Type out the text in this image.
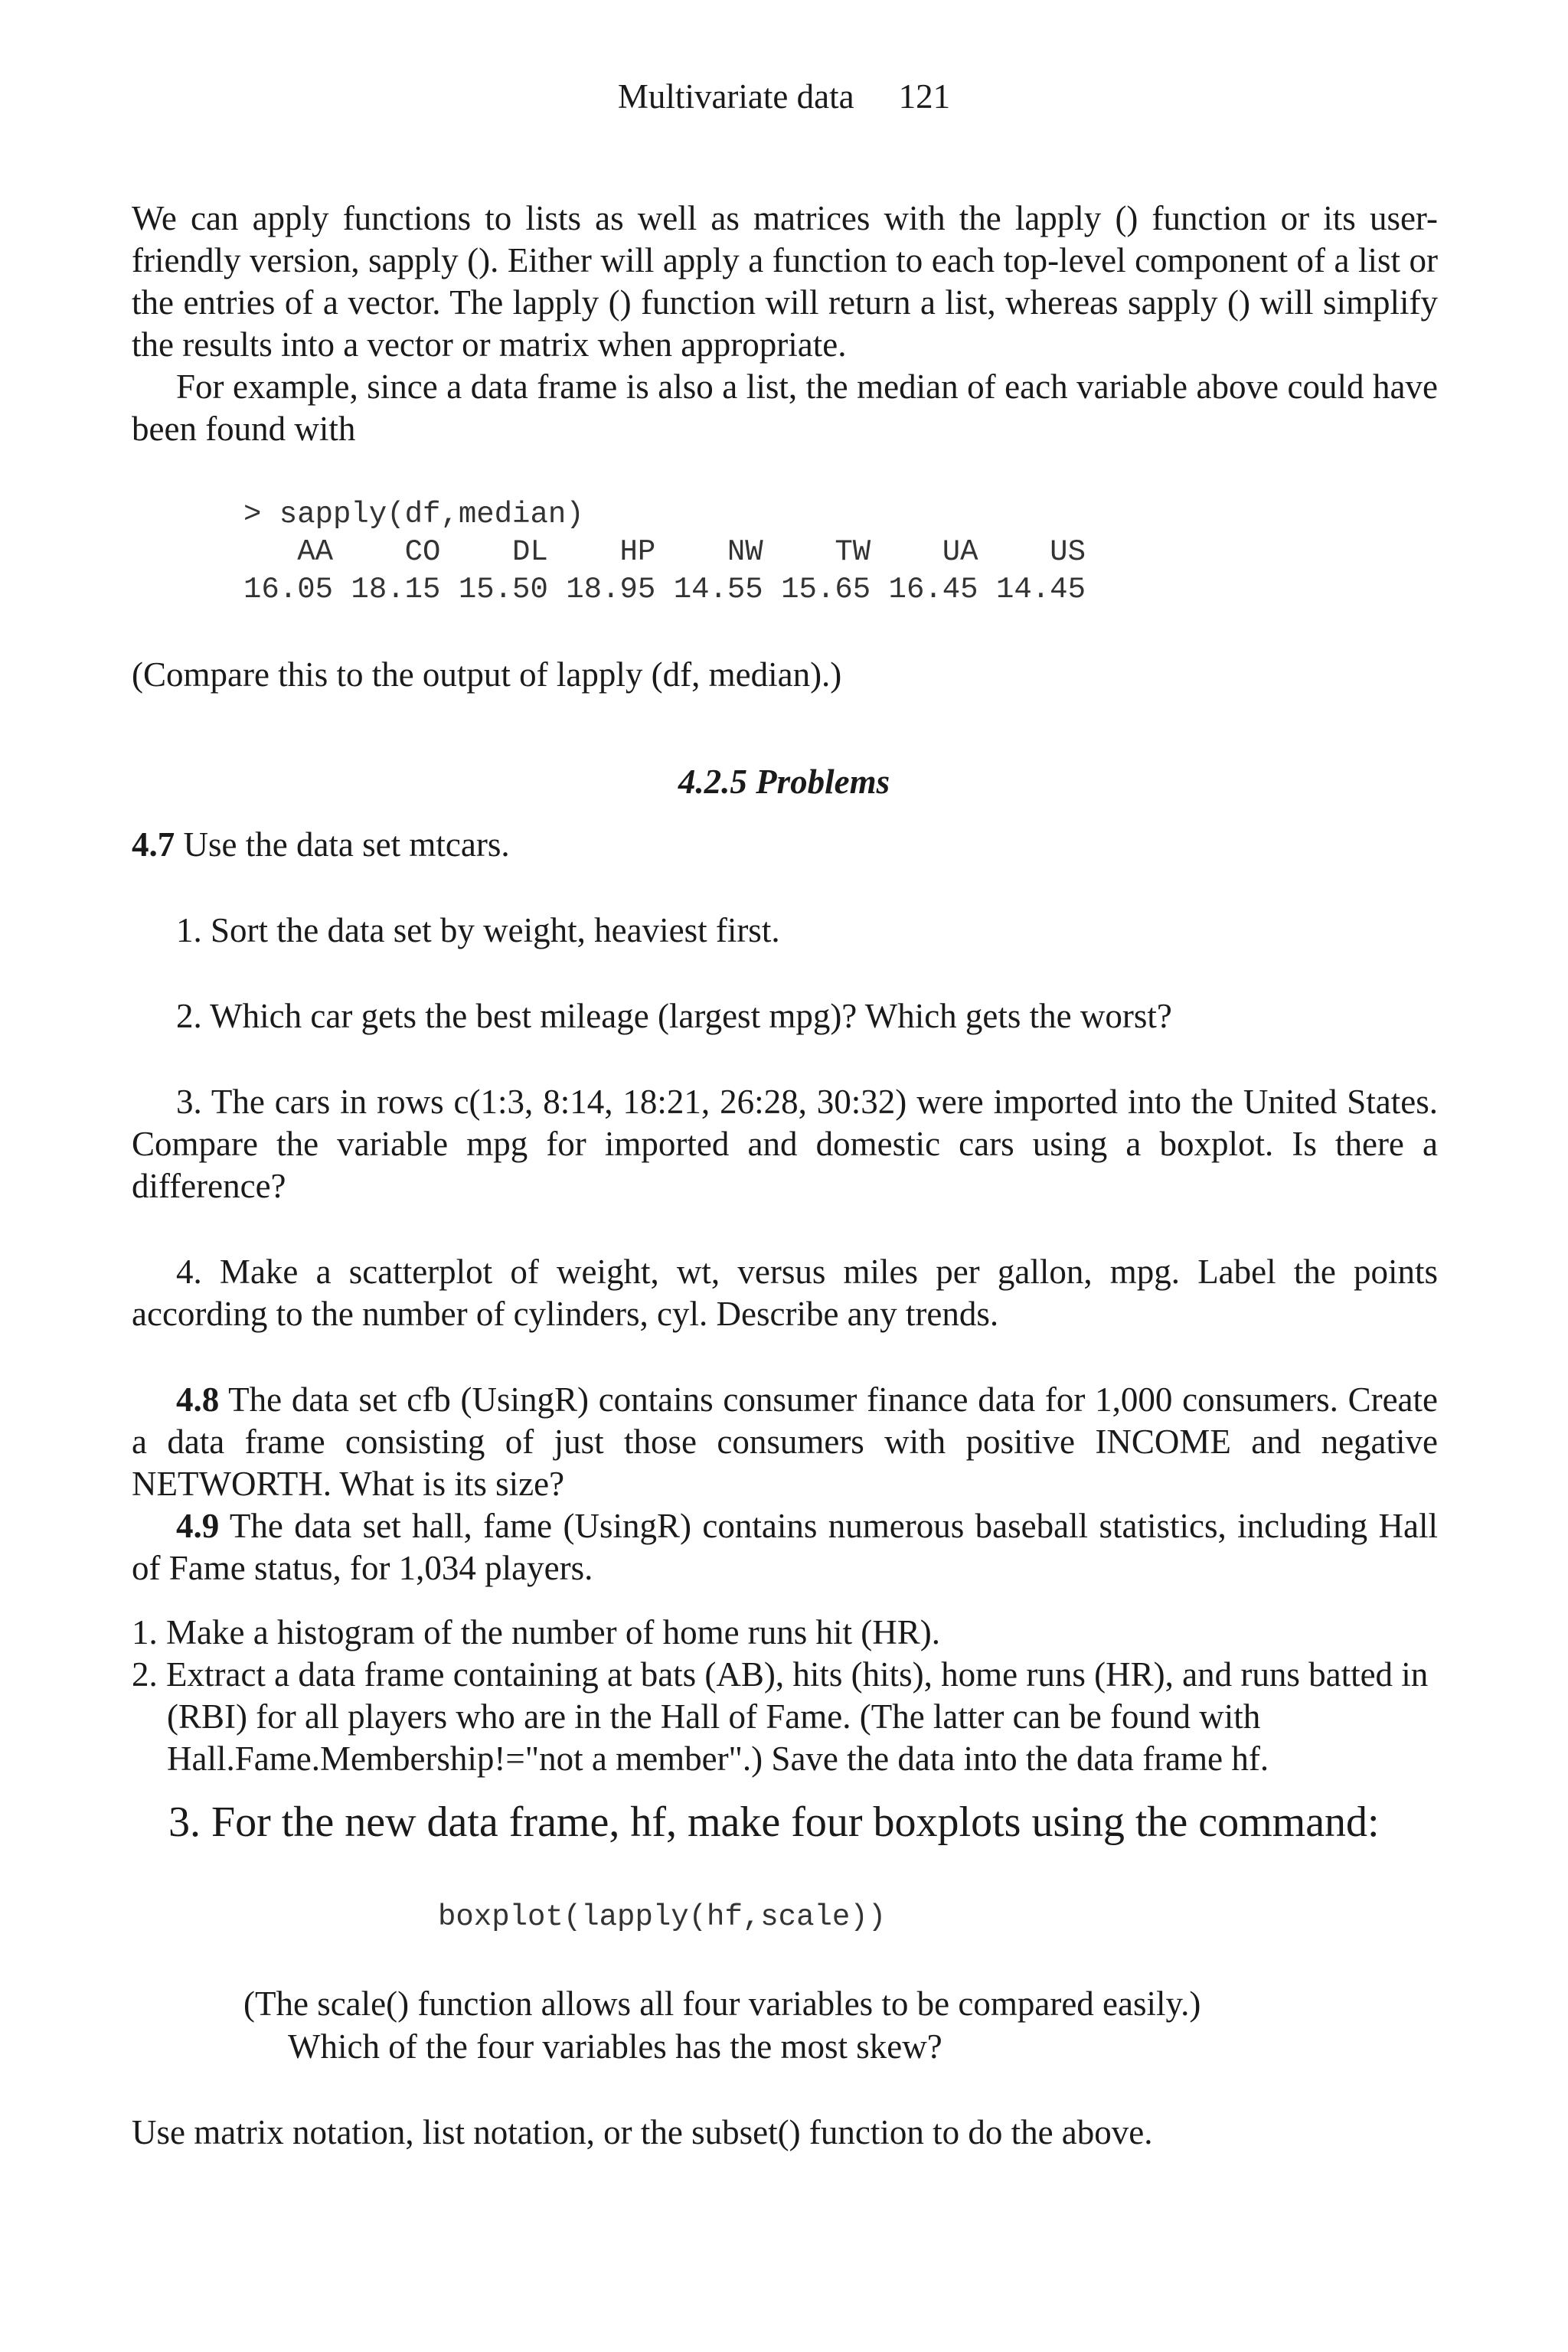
Multivariate data 121

We can apply functions to lists as well as matrices with the lapply () function or its user-friendly version, sapply (). Either will apply a function to each top-level component of a list or the entries of a vector. The lapply () function will return a list, whereas sapply () will simplify the results into a vector or matrix when appropriate.

For example, since a data frame is also a list, the median of each variable above could have been found with

> sapply(df,median)
AA    CO    DL    HP    NW    TW    UA    US
16.05 18.15 15.50 18.95 14.55 15.65 16.45 14.45

(Compare this to the output of lapply (df, median).)

4.2.5 Problems

4.7 Use the data set mtcars.

1. Sort the data set by weight, heaviest first.

2. Which car gets the best mileage (largest mpg)? Which gets the worst?

3. The cars in rows c(1:3, 8:14, 18:21, 26:28, 30:32) were imported into the United States. Compare the variable mpg for imported and domestic cars using a boxplot. Is there a difference?

4. Make a scatterplot of weight, wt, versus miles per gallon, mpg. Label the points according to the number of cylinders, cyl. Describe any trends.

4.8 The data set cfb (UsingR) contains consumer finance data for 1,000 consumers. Create a data frame consisting of just those consumers with positive INCOME and negative NETWORTH. What is its size?

4.9 The data set hall, fame (UsingR) contains numerous baseball statistics, including Hall of Fame status, for 1,034 players.

1. Make a histogram of the number of home runs hit (HR).

2. Extract a data frame containing at bats (AB), hits (hits), home runs (HR), and runs batted in (RBI) for all players who are in the Hall of Fame. (The latter can be found with Hall.Fame.Membership!="not a member".) Save the data into the data frame hf.

3. For the new data frame, hf, make four boxplots using the command:

boxplot(lapply(hf,scale))

(The scale() function allows all four variables to be compared easily.)

Which of the four variables has the most skew?

Use matrix notation, list notation, or the subset() function to do the above.
